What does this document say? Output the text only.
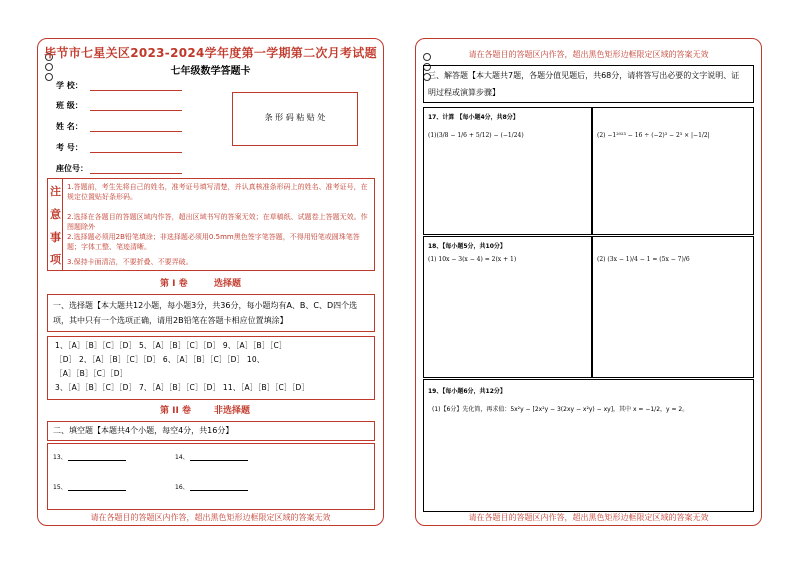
毕节市七星关区2023-2024学年度第一学期第二次月考试题
七年级数学答题卡
学 校：
班 级：
姓 名：
考 号：
座位号：
条 形 码 粘 贴 处
注
意
事
项
1.答题前，考生先将自己的姓名，准考证号填写清楚，并认真核准条形码上的姓名、准考证号，在规定位置贴好条形码。
2.选择在各题目的答题区域内作答，超出区域书写的答案无效；在草稿纸、试题卷上答题无效。作图题除外
2.选择题必须用2B铅笔填涂；非选择题必须用0.5mm黑色签字笔答题，不得用铅笔或圆珠笔答题；字体工整、笔迹清晰。
3.保持卡面清洁，不要折叠、不要弄破。
第 I 卷	选择题
一、选择题【本大题共12小题，每小题3分，共36分，每小题均有A、B、C、D四个选项，其中只有一个选项正确，请用2B铅笔在答题卡相应位置填涂】
1、［A］［B］［C］［D］ 5、［A］［B］［C］［D］ 9、［A］［B］［C］
［D］ 2、［A］［B］［C］［D］ 6、［A］［B］［C］［D］ 10、
［A］［B］［C］［D］
3、［A］［B］［C］［D］ 7、［A］［B］［C］［D］ 11、［A］［B］［C］［D］
第 II 卷	非选择题
二、填空题【本题共4个小题，每空4分，共16分】
13、	14、
15、	16、
请在各题目的答题区内作答，超出黑色矩形边框限定区域的答案无效
请在各题目的答题区内作答，超出黑色矩形边框限定区域的答案无效
三、解答题【本大题共7题，各题分值见题后，共68分，请将答写出必要的文字说明、证
明过程或演算步骤】
17、计算 【每小题4分，共8分】
(1)(3/8 − 1/6 + 5/12) − (−1/24)	(2) −1²⁰²³ − 16 ÷ (−2)³ − 2³ × |−1/2|
18、【每小题5分，共10分】
(1) 10x − 3(x − 4) = 2(x + 1)	(2) (3x − 1)/4 − 1 = (5x − 7)/6
19、【每小题6分，共12分】
(1)【6分】先化简，再求值：5x²y − [2x²y − 3(2xy − x²y) − xy]，其中 x = −1/2，y = 2。
请在各题目的答题区内作答，超出黑色矩形边框限定区域的答案无效
